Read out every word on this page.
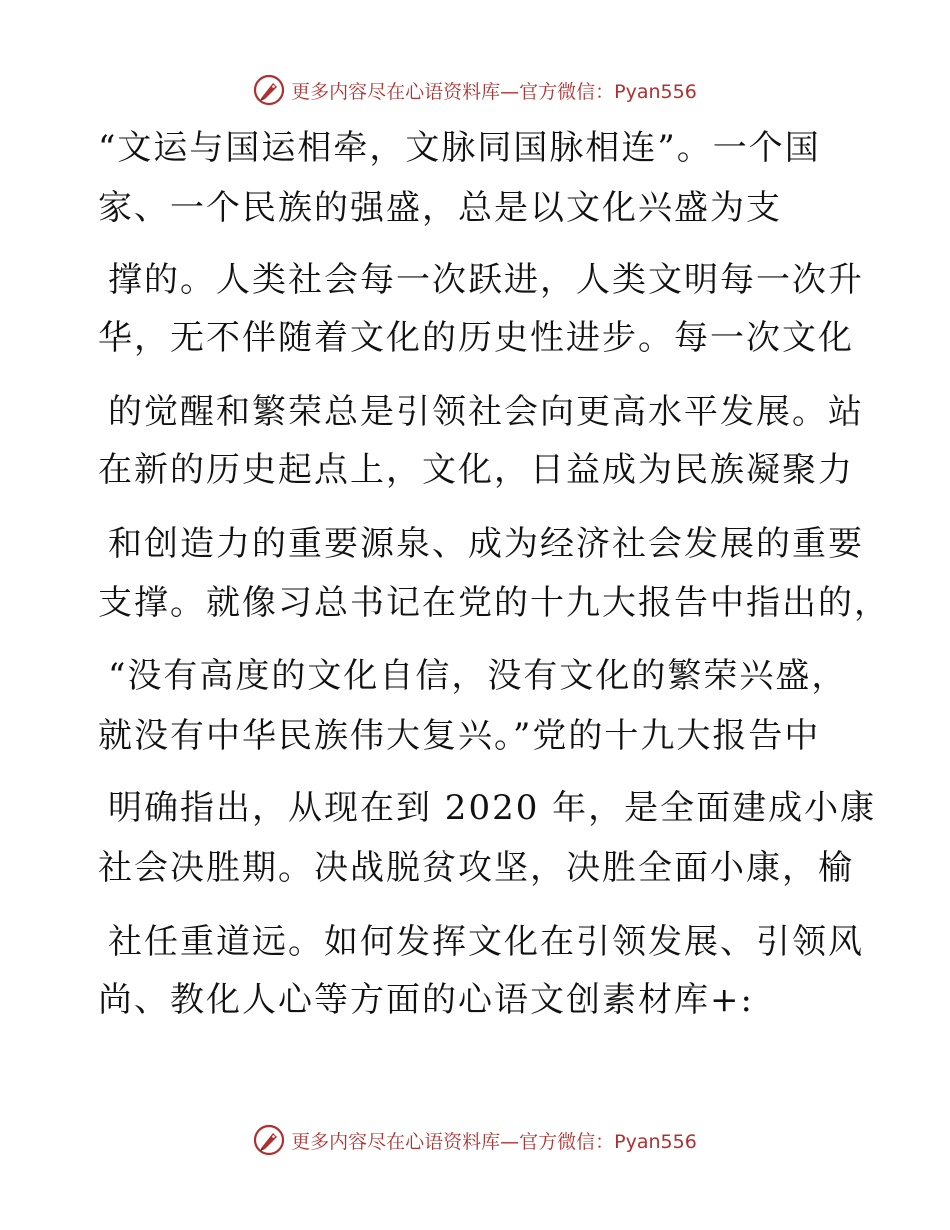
更多内容尽在心语资料库—官方微信：Pyan556
“文运与国运相牵，文脉同国脉相连”。一个国
家、一个民族的强盛，总是以文化兴盛为支
撑的。人类社会每一次跃进，人类文明每一次升
华，无不伴随着文化的历史性进步。每一次文化
的觉醒和繁荣总是引领社会向更高水平发展。站
在新的历史起点上，文化，日益成为民族凝聚力
和创造力的重要源泉、成为经济社会发展的重要
支撑。就像习总书记在党的十九大报告中指出的，
“没有高度的文化自信，没有文化的繁荣兴盛，
就没有中华民族伟大复兴。”党的十九大报告中
明确指出，从现在到 2020 年，是全面建成小康
社会决胜期。决战脱贫攻坚，决胜全面小康，榆
社任重道远。如何发挥文化在引领发展、引领风
尚、教化人心等方面的心语文创素材库+:
更多内容尽在心语资料库—官方微信：Pyan556
